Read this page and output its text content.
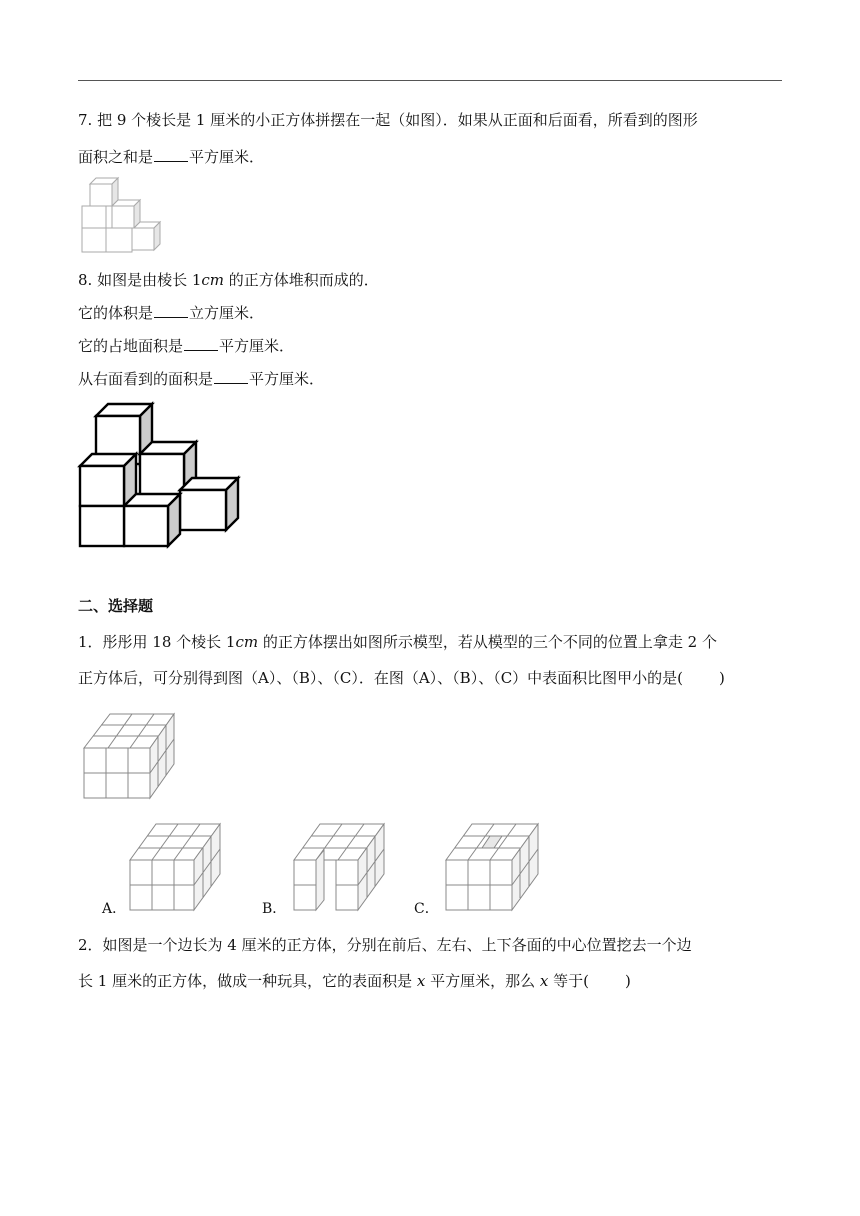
7. 把 9 个棱长是 1 厘米的小正方体拼摆在一起（如图）．如果从正面和后面看，所看到的图形
面积之和是 平方厘米．
8. 如图是由棱长 1cm 的正方体堆积而成的．
它的体积是 立方厘米．
它的占地面积是 平方厘米．
从右面看到的面积是 平方厘米．
二、选择题
1．彤彤用 18 个棱长 1cm 的正方体摆出如图所示模型，若从模型的三个不同的位置上拿走 2 个
正方体后，可分别得到图（A）、（B）、（C）．在图（A）、（B）、（C）中表面积比图甲小的是( )
A．	B．	C．
2．如图是一个边长为 4 厘米的正方体，分别在前后、左右、上下各面的中心位置挖去一个边
长 1 厘米的正方体，做成一种玩具，它的表面积是 x 平方厘米，那么 x 等于( )
